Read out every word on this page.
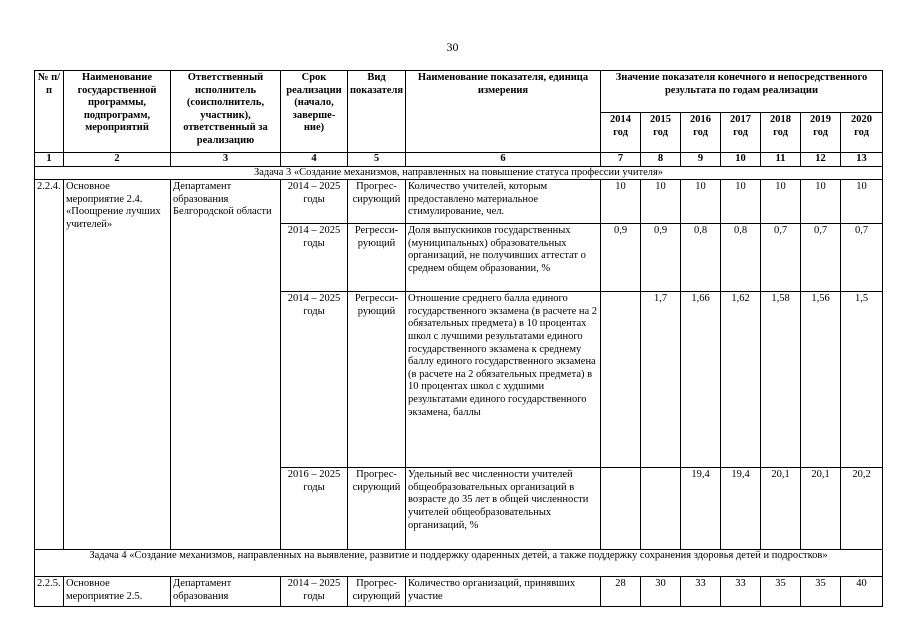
30
№ п/п	Наименование государственной программы, подпрограмм, мероприятий	Ответственный исполнитель (соисполнитель, участник), ответственный за реализацию	Срок реализации (начало, заверше-ние)	Вид показателя	Наименование показателя, единица измерения	Значение показателя конечного и непосредственного результата по годам реализации						
						2014 год	2015 год	2016 год	2017 год	2018 год	2019 год	2020 год
1	2	3	4	5	6	7	8	9	10	11	12	13
Задача 3 «Создание механизмов, направленных на повышение статуса профессии учителя»												
2.2.4.	Основное мероприятие 2.4. «Поощрение лучших учителей»	Департамент образования Белгородской области	2014 – 2025 годы	Прогрес-сирующий	Количество учителей, которым предоставлено материальное стимулирование, чел.	10	10	10	10	10	10	10
			2014 – 2025 годы	Регресси-рующий	Доля выпускников государственных (муниципальных) образовательных организаций, не получивших аттестат о среднем общем образовании, %	0,9	0,9	0,8	0,8	0,7	0,7	0,7
			2014 – 2025 годы	Регресси-рующий	Отношение среднего балла единого государственного экзамена (в расчете на 2 обязательных предмета) в 10 процентах школ с лучшими результатами единого государственного экзамена к среднему баллу единого государственного экзамена (в расчете на 2 обязательных предмета) в 10 процентах школ с худшими результатами единого государственного экзамена, баллы		1,7	1,66	1,62	1,58	1,56	1,5
			2016 – 2025 годы	Прогрес-сирующий	Удельный вес численности учителей общеобразовательных организаций в возрасте до 35 лет в общей численности учителей общеобразовательных организаций, %			19,4	19,4	20,1	20,1	20,2
Задача 4 «Создание механизмов, направленных на выявление, развитие и поддержку одаренных детей, а также поддержку сохранения здоровья детей и подростков»												
2.2.5.	Основное мероприятие 2.5.	Департамент образования	2014 – 2025 годы	Прогрес-сирующий	Количество организаций, принявших участие	28	30	33	33	35	35	40
